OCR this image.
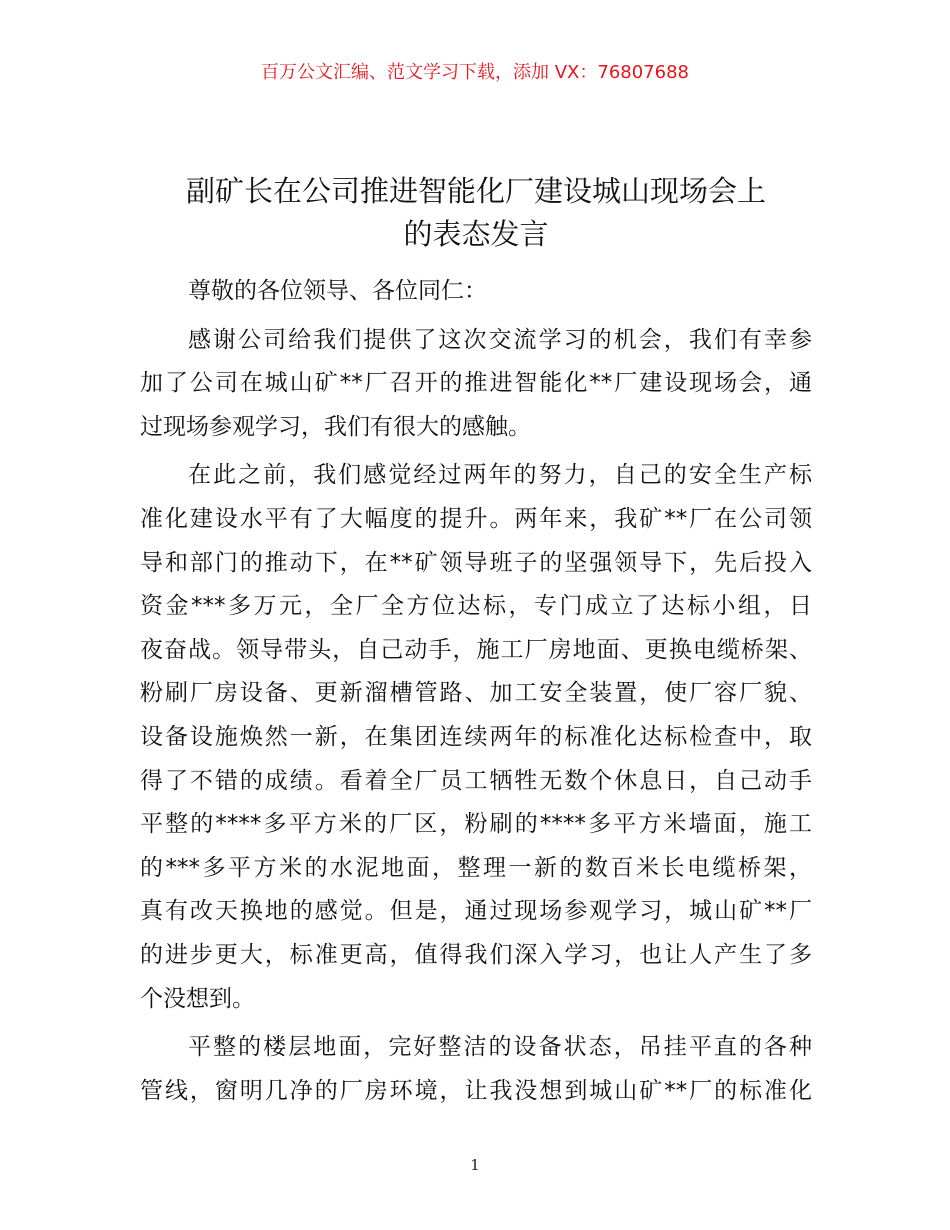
百万公文汇编、范文学习下载，添加 VX：76807688
副矿长在公司推进智能化厂建设城山现场会上
的表态发言
尊敬的各位领导、各位同仁：
感谢公司给我们提供了这次交流学习的机会，我们有幸参
加了公司在城山矿**厂召开的推进智能化**厂建设现场会，通
过现场参观学习，我们有很大的感触。
在此之前，我们感觉经过两年的努力，自己的安全生产标
准化建设水平有了大幅度的提升。两年来，我矿**厂在公司领
导和部门的推动下，在**矿领导班子的坚强领导下，先后投入
资金***多万元，全厂全方位达标，专门成立了达标小组，日
夜奋战。领导带头，自己动手，施工厂房地面、更换电缆桥架、
粉刷厂房设备、更新溜槽管路、加工安全装置，使厂容厂貌、
设备设施焕然一新，在集团连续两年的标准化达标检查中，取
得了不错的成绩。看着全厂员工牺牲无数个休息日，自己动手
平整的****多平方米的厂区，粉刷的****多平方米墙面，施工
的***多平方米的水泥地面，整理一新的数百米长电缆桥架，
真有改天换地的感觉。但是，通过现场参观学习，城山矿**厂
的进步更大，标准更高，值得我们深入学习，也让人产生了多
个没想到。
平整的楼层地面，完好整洁的设备状态，吊挂平直的各种
管线，窗明几净的厂房环境，让我没想到城山矿**厂的标准化
1
